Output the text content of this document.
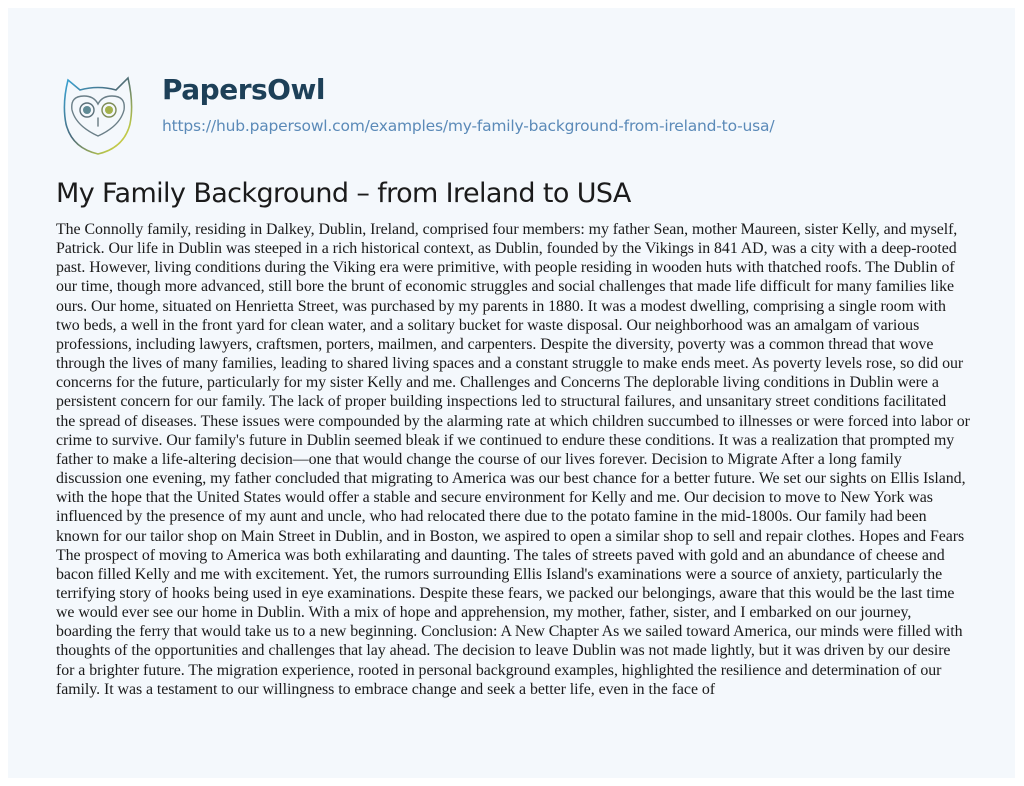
PapersOwl
https://hub.papersowl.com/examples/my-family-background-from-ireland-to-usa/
My Family Background – from Ireland to USA

The Connolly family, residing in Dalkey, Dublin, Ireland, comprised four members: my father Sean, mother Maureen, sister Kelly, and myself,
Patrick. Our life in Dublin was steeped in a rich historical context, as Dublin, founded by the Vikings in 841 AD, was a city with a deep-rooted
past. However, living conditions during the Viking era were primitive, with people residing in wooden huts with thatched roofs. The Dublin of
our time, though more advanced, still bore the brunt of economic struggles and social challenges that made life difficult for many families like
ours. Our home, situated on Henrietta Street, was purchased by my parents in 1880. It was a modest dwelling, comprising a single room with
two beds, a well in the front yard for clean water, and a solitary bucket for waste disposal. Our neighborhood was an amalgam of various
professions, including lawyers, craftsmen, porters, mailmen, and carpenters. Despite the diversity, poverty was a common thread that wove
through the lives of many families, leading to shared living spaces and a constant struggle to make ends meet. As poverty levels rose, so did our
concerns for the future, particularly for my sister Kelly and me. Challenges and Concerns The deplorable living conditions in Dublin were a
persistent concern for our family. The lack of proper building inspections led to structural failures, and unsanitary street conditions facilitated
the spread of diseases. These issues were compounded by the alarming rate at which children succumbed to illnesses or were forced into labor or
crime to survive. Our family's future in Dublin seemed bleak if we continued to endure these conditions. It was a realization that prompted my
father to make a life-altering decision—one that would change the course of our lives forever. Decision to Migrate After a long family
discussion one evening, my father concluded that migrating to America was our best chance for a better future. We set our sights on Ellis Island,
with the hope that the United States would offer a stable and secure environment for Kelly and me. Our decision to move to New York was
influenced by the presence of my aunt and uncle, who had relocated there due to the potato famine in the mid-1800s. Our family had been
known for our tailor shop on Main Street in Dublin, and in Boston, we aspired to open a similar shop to sell and repair clothes. Hopes and Fears
The prospect of moving to America was both exhilarating and daunting. The tales of streets paved with gold and an abundance of cheese and
bacon filled Kelly and me with excitement. Yet, the rumors surrounding Ellis Island's examinations were a source of anxiety, particularly the
terrifying story of hooks being used in eye examinations. Despite these fears, we packed our belongings, aware that this would be the last time
we would ever see our home in Dublin. With a mix of hope and apprehension, my mother, father, sister, and I embarked on our journey,
boarding the ferry that would take us to a new beginning. Conclusion: A New Chapter As we sailed toward America, our minds were filled with
thoughts of the opportunities and challenges that lay ahead. The decision to leave Dublin was not made lightly, but it was driven by our desire
for a brighter future. The migration experience, rooted in personal background examples, highlighted the resilience and determination of our
family. It was a testament to our willingness to embrace change and seek a better life, even in the face of
